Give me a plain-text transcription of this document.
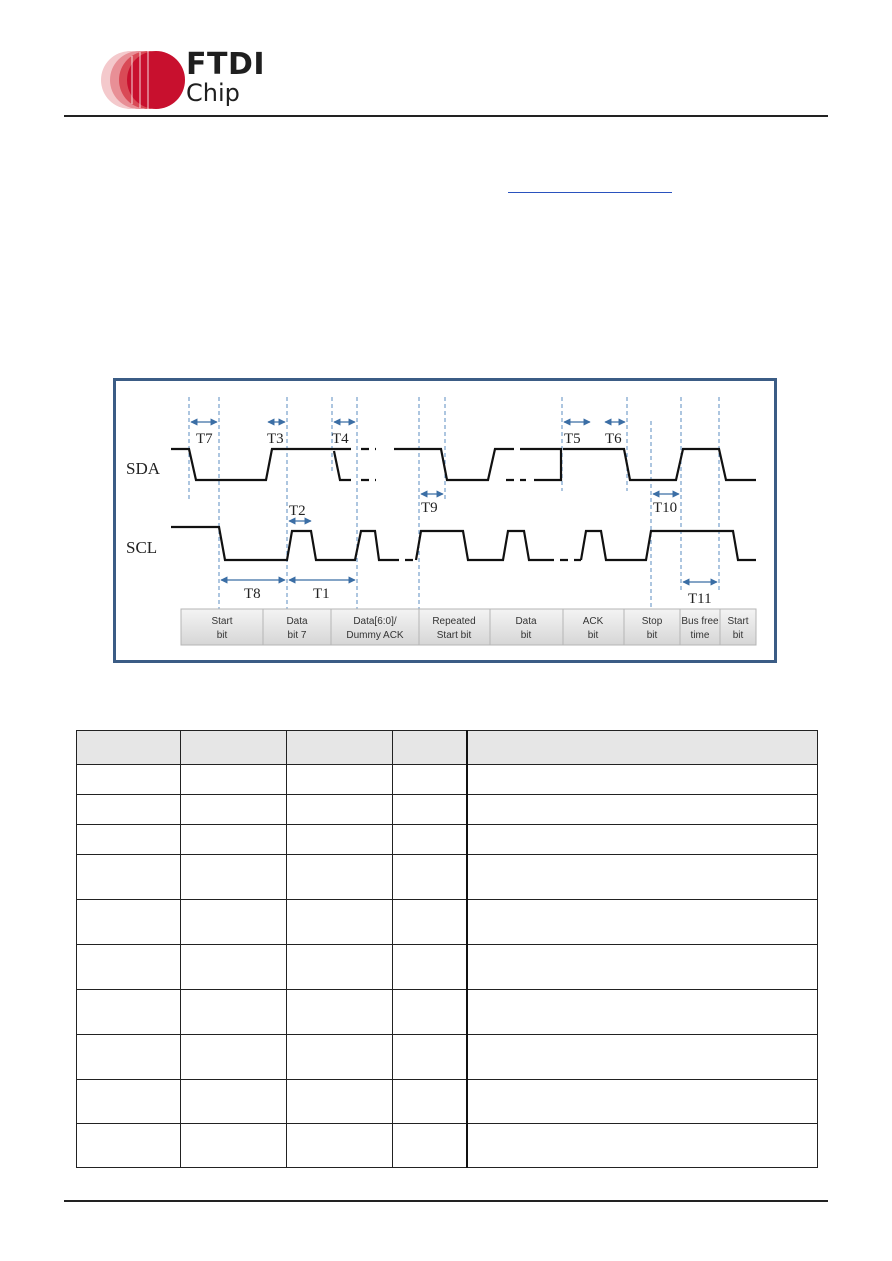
FTDI
Chip
SDA
SCL
T7	T3	T4	T5 T6
T9	T10
T2
T8	T1	T11
Start bit
Data bit 7
Data[6:0]/ Dummy ACK
Repeated Start bit
Data bit
ACK bit
Stop bit
Bus free time
Start bit
